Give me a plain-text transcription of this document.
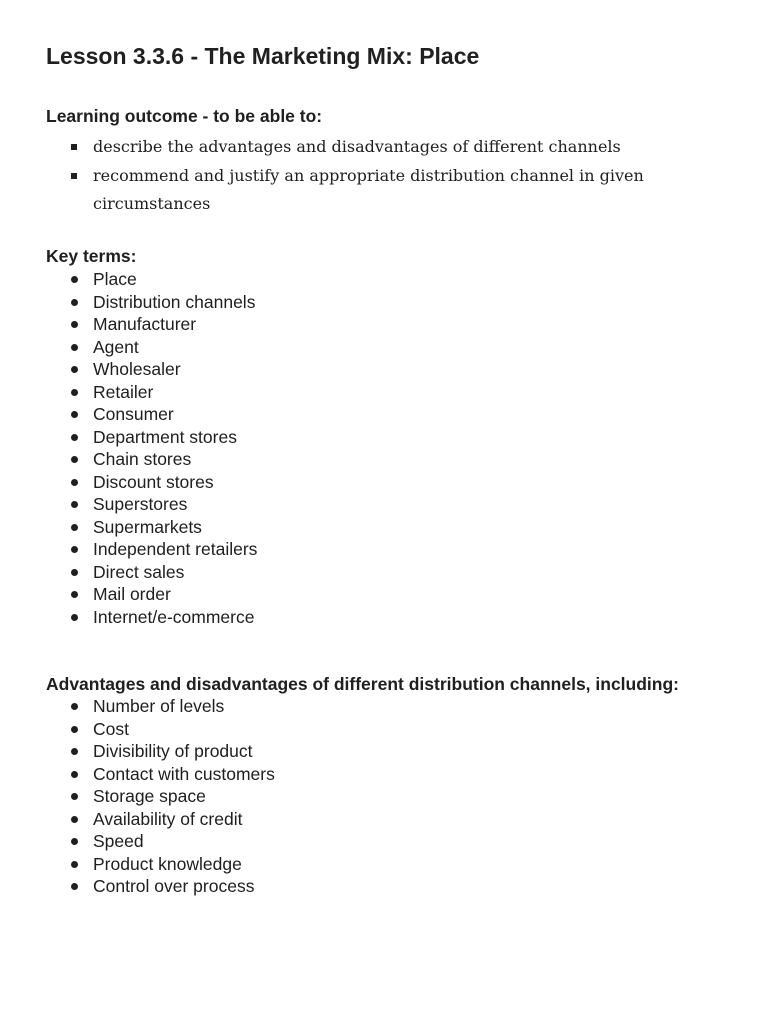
Lesson 3.3.6 - The Marketing Mix: Place
Learning outcome - to be able to:
describe the advantages and disadvantages of different channels
recommend and justify an appropriate distribution channel in given circumstances
Key terms:
Place
Distribution channels
Manufacturer
Agent
Wholesaler
Retailer
Consumer
Department stores
Chain stores
Discount stores
Superstores
Supermarkets
Independent retailers
Direct sales
Mail order
Internet/e-commerce
Advantages and disadvantages of different distribution channels, including:
Number of levels
Cost
Divisibility of product
Contact with customers
Storage space
Availability of credit
Speed
Product knowledge
Control over process
